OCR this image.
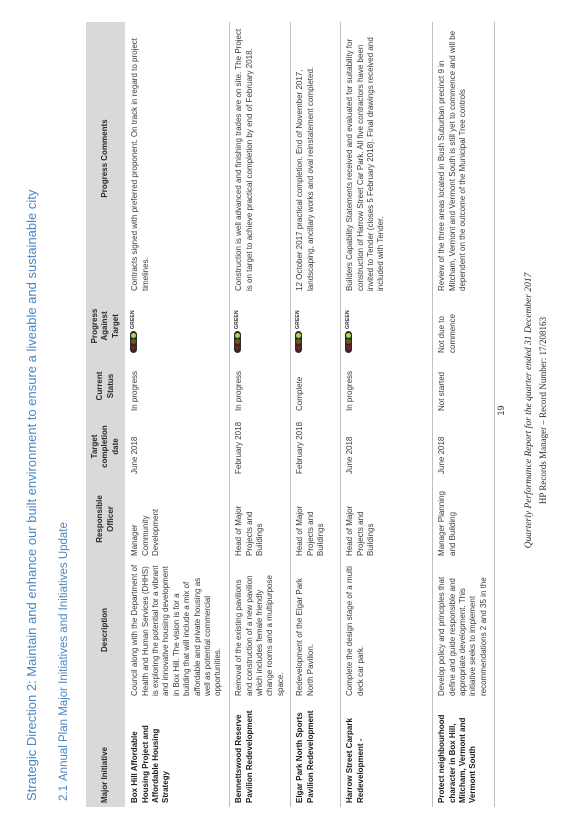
Strategic Direction 2: Maintain and enhance our built environment to ensure a liveable and sustainable city 2.1Annual Plan Major Initiatives and Initiatives Update	Major Initiative	Description	Responsible Officer	Target completion date	Current Status	Progress Against Target	Progress Comments
Box Hill Affordable Housing Project and Affordable Housing Strategy	Council along with the Department of Health and Human Services (DHHS) is exploring the potential for a vibrant and innovative housing development in Box Hill. The vision is for a building that will include a mix of affordable and private housing as well as potential commercial opportunities.	Manager Community Development	June 2018	In progress	GREEN	Contracts signed with preferred proponent. On track in regard to project timelines.
Bennettswood Reserve Pavilion Redevelopment	Removal of the existing pavilions and construction of a new pavilion which includes female friendly change rooms and a multipurpose space.	Head of Major Projects and Buildings	February 2018	In progress	GREEN	Construction is well advanced and finishing trades are on site. The Project is on target to achieve practical completion by end of February 2018.
Elgar Park North Sports Pavilion Redevelopment	Redevelopment of the Elgar Park North Pavilion.	Head of Major Projects and Buildings	February 2018	Complete	GREEN	12 October 2017 practical completion. End of November 2017, landscaping, ancillary works and oval reinstatement completed.
Harrow Street Carpark Redevelopment -	Complete the design stage of a multi deck car park.	Head of Major Projects and Buildings	June 2018	In progress	GREEN	Builders Capability Statements received and evaluated for suitability for construction of Harrow Street Car Park. All five contractors have been invited to Tender (closes 5 February 2018). Final drawings received and included with Tender.
Protect neighbourhood character in Box Hill, Mitcham, Vermont and Vermont South	Develop policy and principles that define and guide responsible and appropriate development. This initiative seeks to implement recommendations 2 and 35 in the	Manager Planning and Building	June 2018	Not started	Not due to commence	Review of the three areas located in Bush Suburban precinct 9 in Mitcham, Vermont and Vermont South is still yet to commence and will be dependent on the outcome of the Municipal Tree controls
19 Quarterly Performance Report for the quarter ended 31 December 2017 HP Records Manager – Record Number: 17/208163
